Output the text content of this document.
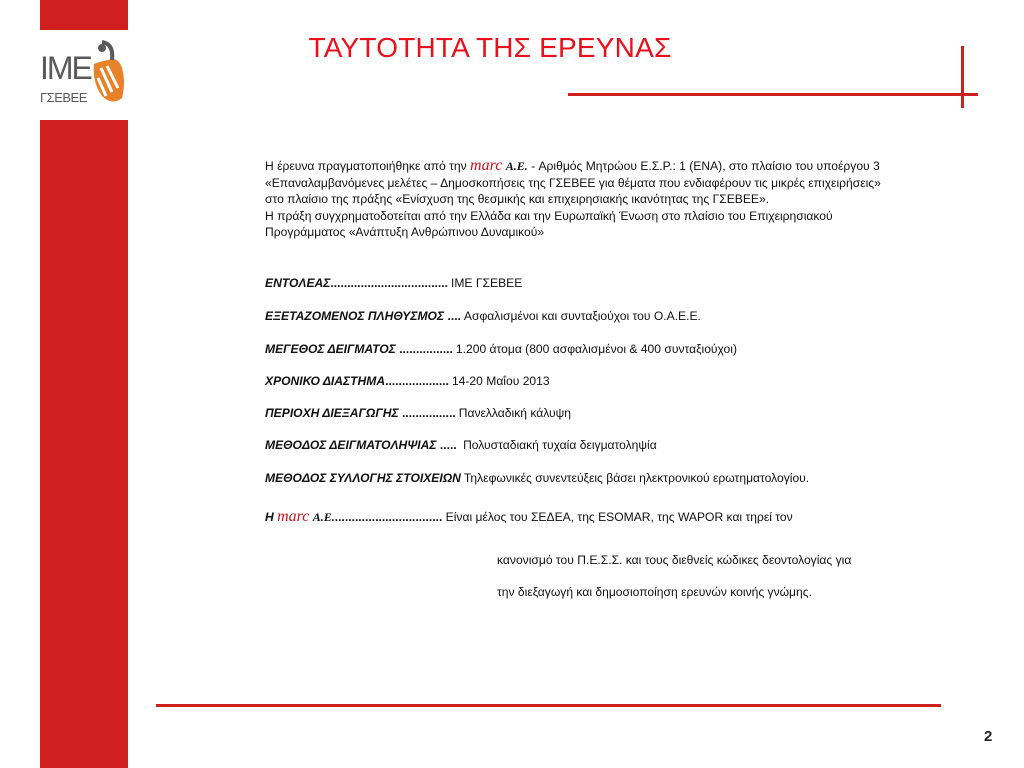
IME
ΓΣΕΒΕΕ
ΤΑΥΤΟΤΗΤΑ ΤΗΣ ΕΡΕΥΝΑΣ

Η έρευνα πραγματοποιήθηκε από την marc A.E. - Αριθμός Μητρώου Ε.Σ.Ρ.: 1 (ΕΝΑ), στο πλαίσιο του υποέργου 3 «Επαναλαμβανόμενες μελέτες – Δημοσκοπήσεις της ΓΣΕΒΕΕ για θέματα που ενδιαφέρουν τις μικρές επιχειρήσεις» στο πλαίσιο της πράξης «Ενίσχυση της θεσμικής και επιχειρησιακής ικανότητας της ΓΣΕΒΕΕ».

Η πράξη συγχρηματοδοτείται από την Ελλάδα και την Ευρωπαϊκή Ένωση στο πλαίσιο του Επιχειρησιακού Προγράμματος «Ανάπτυξη Ανθρώπινου Δυναμικού»

ΕΝΤΟΛΕΑΣ................................... ΙΜΕ ΓΣΕΒΕΕ
ΕΞΕΤΑΖΟΜΕΝΟΣ ΠΛΗΘΥΣΜΟΣ .... Ασφαλισμένοι και συνταξιούχοι του Ο.Α.Ε.Ε.
ΜΕΓΕΘΟΣ ΔΕΙΓΜΑΤΟΣ ................ 1.200 άτομα (800 ασφαλισμένοι & 400 συνταξιούχοι)
ΧΡΟΝΙΚΟ ΔΙΑΣΤΗΜΑ................... 14-20 Μαΐου 2013
ΠΕΡΙΟΧΗ ΔΙΕΞΑΓΩΓΗΣ ................ Πανελλαδική κάλυψη
ΜΕΘΟΔΟΣ ΔΕΙΓΜΑΤΟΛΗΨΙΑΣ ..... Πολυσταδιακή τυχαία δειγματοληψία
ΜΕΘΟΔΟΣ ΣΥΛΛΟΓΗΣ ΣΤΟΙΧΕΙΩΝ Τηλεφωνικές συνεντεύξεις βάσει ηλεκτρονικού ερωτηματολογίου.
Η marc A.E................................. Είναι μέλος του ΣΕΔΕΑ, της ESOMAR, της WAPOR και τηρεί τον
κανονισμό του Π.Ε.Σ.Σ. και τους διεθνείς κώδικες δεοντολογίας για
την διεξαγωγή και δημοσιοποίηση ερευνών κοινής γνώμης.
2
